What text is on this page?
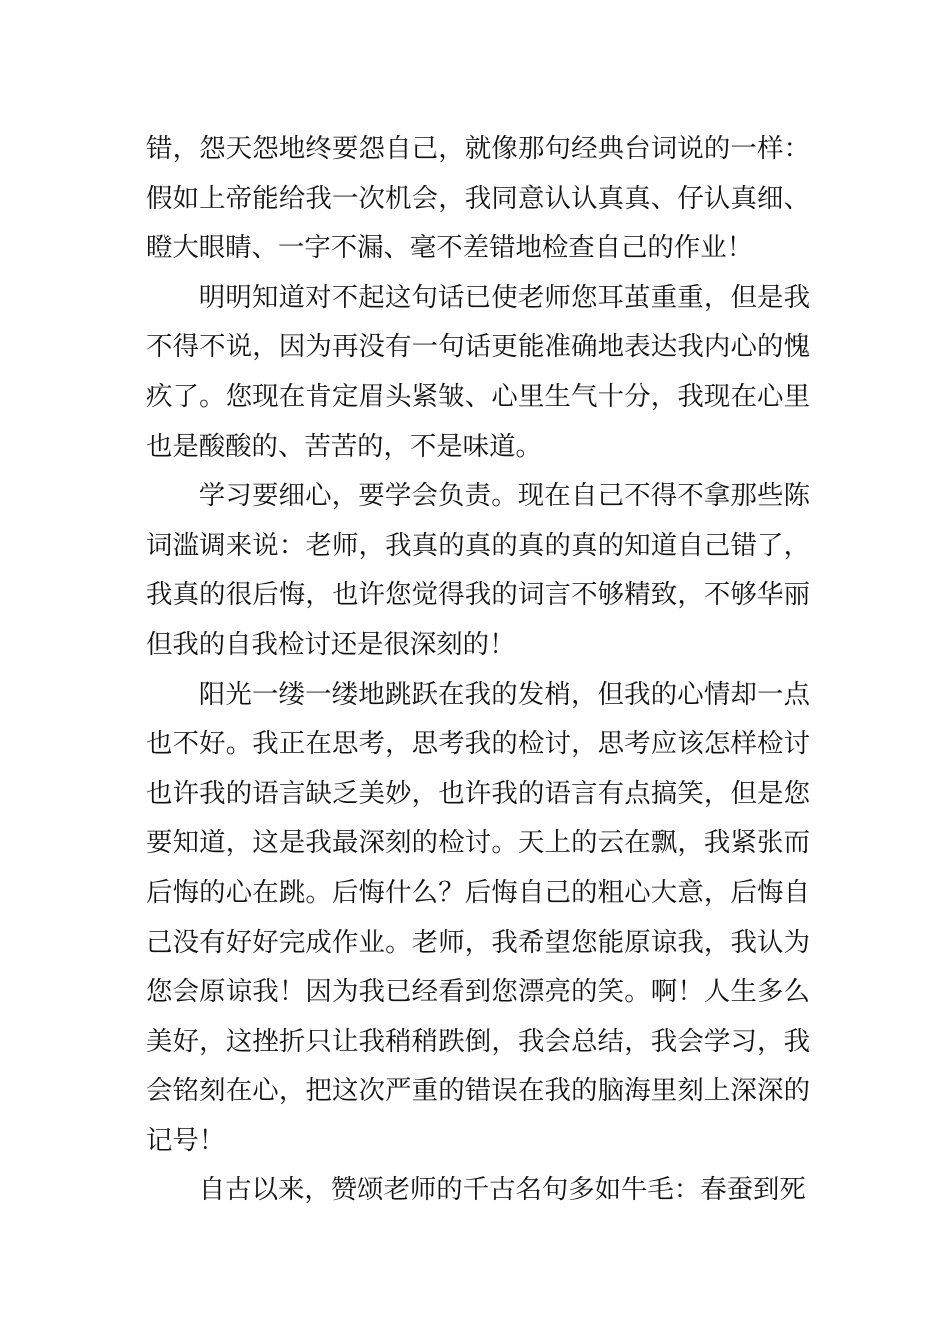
错，怨天怨地终要怨自己，就像那句经典台词说的一样：假如上帝能给我一次机会，我同意认认真真、仔认真细、瞪大眼睛、一字不漏、毫不差错地检查自己的作业！

明明知道对不起这句话已使老师您耳茧重重，但是我不得不说，因为再没有一句话更能准确地表达我内心的愧疚了。您现在肯定眉头紧皱、心里生气十分，我现在心里也是酸酸的、苦苦的，不是味道。

学习要细心，要学会负责。现在自己不得不拿那些陈词滥调来说：老师，我真的真的真的真的知道自己错了，我真的很后悔，也许您觉得我的词言不够精致，不够华丽但我的自我检讨还是很深刻的！

阳光一缕一缕地跳跃在我的发梢，但我的心情却一点也不好。我正在思考，思考我的检讨，思考应该怎样检讨也许我的语言缺乏美妙，也许我的语言有点搞笑，但是您要知道，这是我最深刻的检讨。天上的云在飘，我紧张而后悔的心在跳。后悔什么？后悔自己的粗心大意，后悔自己没有好好完成作业。老师，我希望您能原谅我，我认为您会原谅我！因为我已经看到您漂亮的笑。啊！人生多么美好，这挫折只让我稍稍跌倒，我会总结，我会学习，我会铭刻在心，把这次严重的错误在我的脑海里刻上深深的记号！

自古以来，赞颂老师的千古名句多如牛毛：春蚕到死
